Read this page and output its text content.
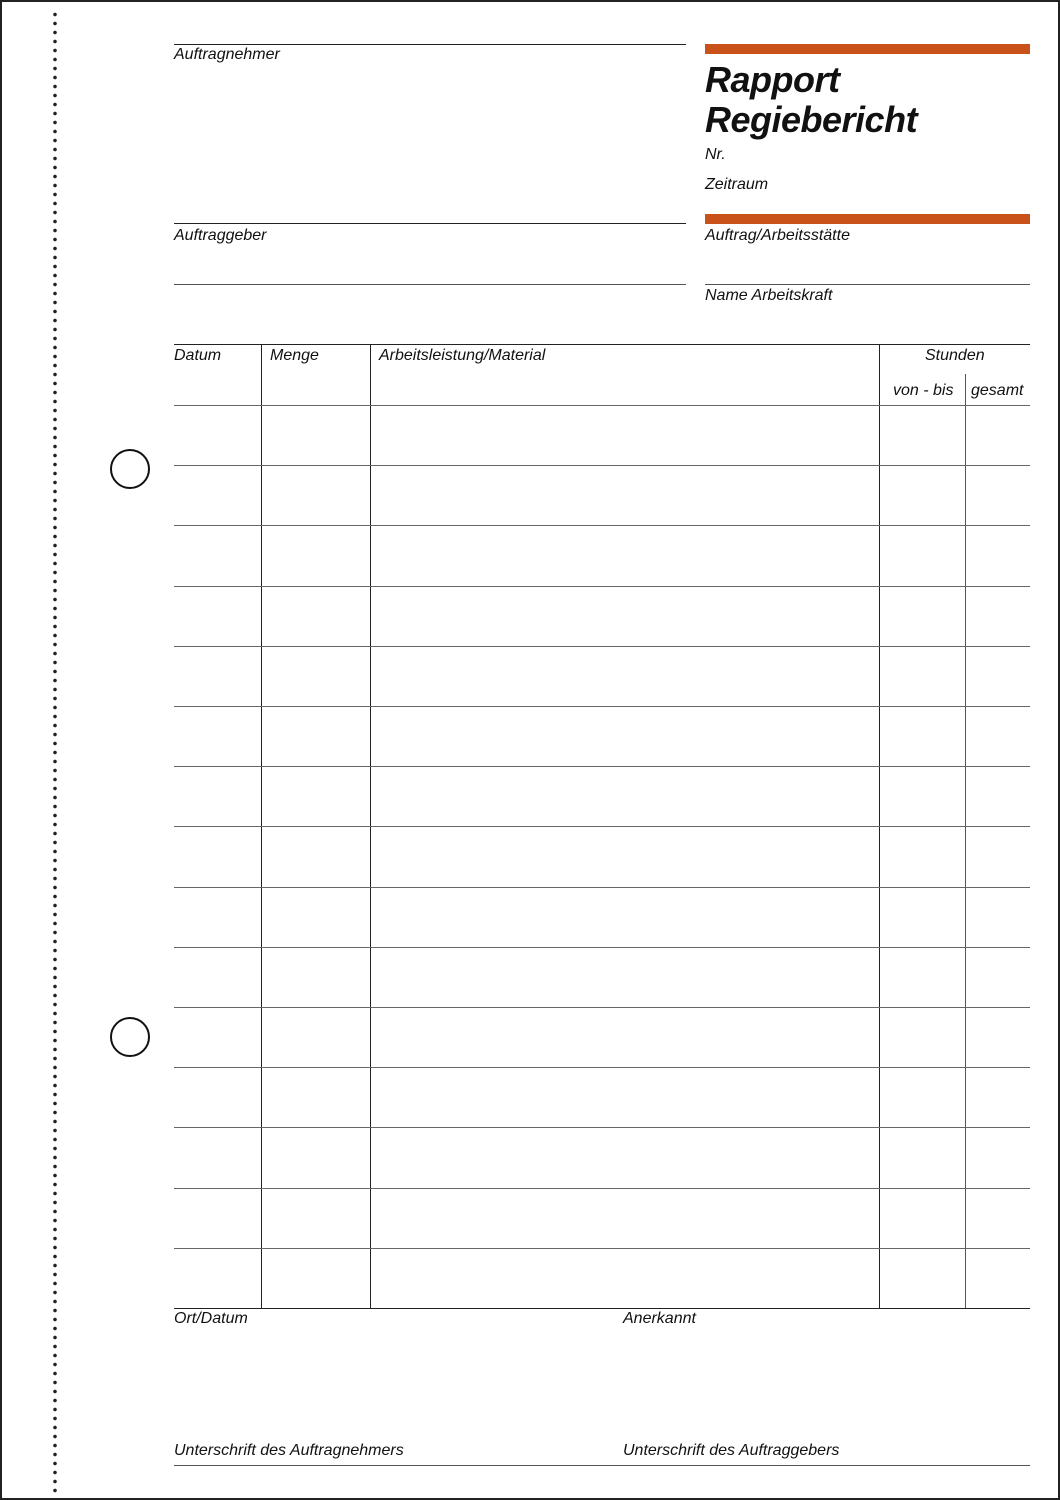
Auftragnehmer
Auftraggeber
Rapport
Regiebericht
Nr.
Zeitraum
Auftrag/Arbeitsstätte
Name Arbeitskraft
Datum	Menge	Arbeitsleistung/Material	Stunden
von - bis gesamt
Ort/Datum	Anerkannt
Unterschrift des Auftragnehmers	Unterschrift des Auftraggebers
